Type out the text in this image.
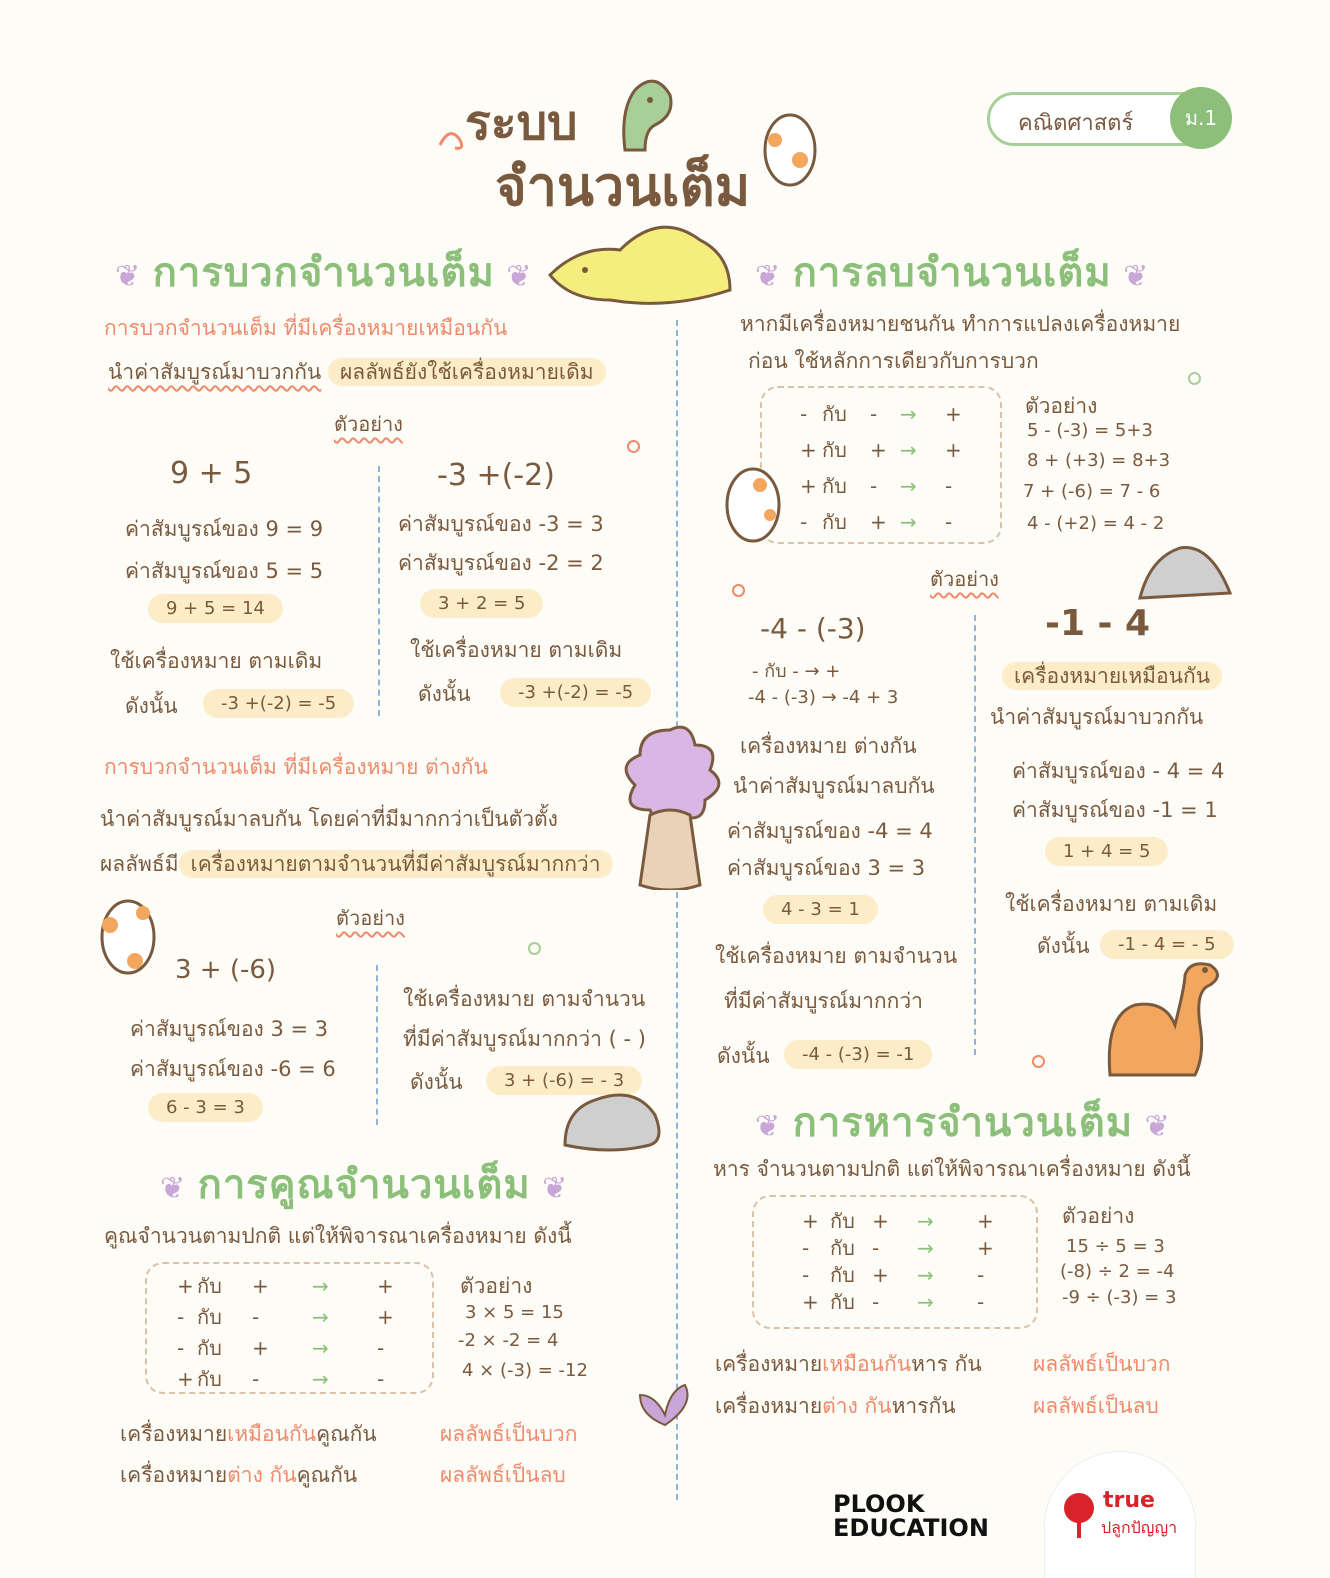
ระบบ
จำนวนเต็ม
คณิตศาสตร์	ม.1
❦ การบวกจำนวนเต็ม ❦
การบวกจำนวนเต็ม ที่มีเครื่องหมายเหมือนกัน
นำค่าสัมบูรณ์มาบวกกัน ผลลัพธ์ยังใช้เครื่องหมายเดิม
ตัวอย่าง
9 + 5
ค่าสัมบูรณ์ของ 9 = 9
ค่าสัมบูรณ์ของ 5 = 5
9 + 5 = 14
ใช้เครื่องหมาย ตามเดิม
ดังนั้น	-3 +(-2) = -5
-3 +(-2)
ค่าสัมบูรณ์ของ -3 = 3
ค่าสัมบูรณ์ของ -2 = 2
3 + 2 = 5
ใช้เครื่องหมาย ตามเดิม
ดังนั้น	-3 +(-2) = -5
การบวกจำนวนเต็ม ที่มีเครื่องหมาย ต่างกัน
นำค่าสัมบูรณ์มาลบกัน โดยค่าที่มีมากกว่าเป็นตัวตั้ง
ผลลัพธ์มี เครื่องหมายตามจำนวนที่มีค่าสัมบูรณ์มากกว่า
ตัวอย่าง
3 + (-6)
ค่าสัมบูรณ์ของ 3 = 3
ค่าสัมบูรณ์ของ -6 = 6
6 - 3 = 3
ใช้เครื่องหมาย ตามจำนวน
ที่มีค่าสัมบูรณ์มากกว่า ( - )
ดังนั้น	3 + (-6) = - 3
❦ การคูณจำนวนเต็ม ❦
คูณจำนวนตามปกติ แต่ให้พิจารณาเครื่องหมาย ดังนี้
+ กับ	+	→	+
- กับ	-	→	+
- กับ	+	→	-
+ กับ	-	→	-
ตัวอย่าง
3 × 5 = 15
-2 × -2 = 4
4 × (-3) = -12
เครื่องหมายเหมือนกันคูณกัน	ผลลัพธ์เป็นบวก
เครื่องหมายต่าง กันคูณกัน	ผลลัพธ์เป็นลบ
❦ การลบจำนวนเต็ม ❦
หากมีเครื่องหมายชนกัน ทำการแปลงเครื่องหมาย
ก่อน ใช้หลักการเดียวกับการบวก
- กับ	-	→	+
+ กับ	+ →	+
+ กับ	-	→	-
- กับ	+ →	-
ตัวอย่าง
5 - (-3) = 5+3
8 + (+3) = 8+3
7 + (-6) = 7 - 6
4 - (+2) = 4 - 2
ตัวอย่าง
-4 - (-3)
- กับ - → +
-4 - (-3) → -4 + 3
เครื่องหมาย ต่างกัน
นำค่าสัมบูรณ์มาลบกัน
ค่าสัมบูรณ์ของ -4 = 4
ค่าสัมบูรณ์ของ 3 = 3
4 - 3 = 1
ใช้เครื่องหมาย ตามจำนวน
ที่มีค่าสัมบูรณ์มากกว่า
ดังนั้น	-4 - (-3) = -1
-1 - 4
เครื่องหมายเหมือนกัน
นำค่าสัมบูรณ์มาบวกกัน
ค่าสัมบูรณ์ของ - 4 = 4
ค่าสัมบูรณ์ของ -1 = 1
1 + 4 = 5
ใช้เครื่องหมาย ตามเดิม
ดังนั้น	-1 - 4 = - 5
❦ การหารจำนวนเต็ม ❦
หาร จำนวนตามปกติ แต่ให้พิจารณาเครื่องหมาย ดังนี้
+ กับ +	→	+
-	กับ -	→	+
-	กับ +	→	-
+ กับ -	→	-
ตัวอย่าง
15 ÷ 5 = 3
(-8) ÷ 2 = -4
-9 ÷ (-3) = 3
เครื่องหมายเหมือนกันหาร กัน ผลลัพธ์เป็นบวก
เครื่องหมายต่าง กันหารกัน	ผลลัพธ์เป็นลบ
PLOOK
EDUCATION
true
ปลูกปัญญา
